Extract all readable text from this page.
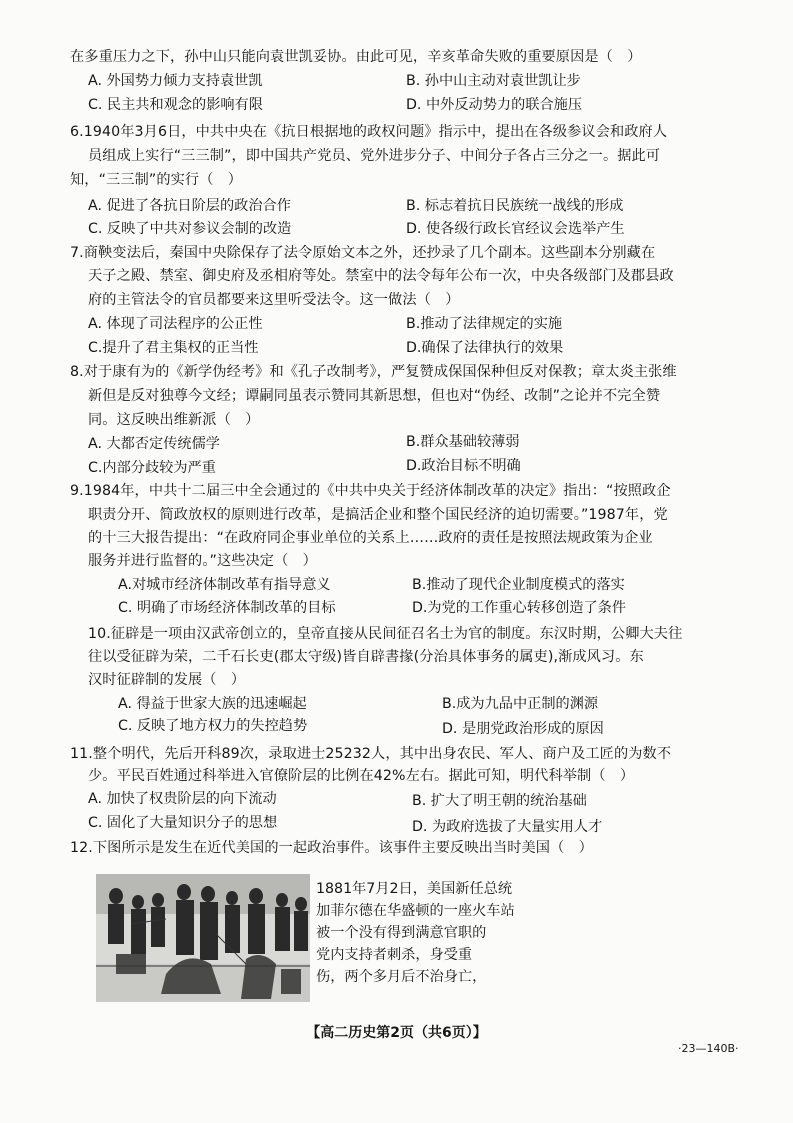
在多重压力之下，孙中山只能向袁世凯妥协。由此可见，辛亥革命失败的重要原因是（　）
A. 外国势力倾力支持袁世凯	B. 孙中山主动对袁世凯让步
C. 民主共和观念的影响有限	D. 中外反动势力的联合施压
6.1940年3月6日，中共中央在《抗日根据地的政权问题》指示中，提出在各级参议会和政府人
员组成上实行“三三制”，即中国共产党员、党外进步分子、中间分子各占三分之一。据此可
知，“三三制”的实行（　）
A. 促进了各抗日阶层的政治合作	B. 标志着抗日民族统一战线的形成
C. 反映了中共对参议会制的改造	D. 使各级行政长官经议会选举产生
7.商鞅变法后，秦国中央除保存了法令原始文本之外，还抄录了几个副本。这些副本分别藏在
天子之殿、禁室、御史府及丞相府等处。禁室中的法令每年公布一次，中央各级部门及郡县政
府的主管法令的官员都要来这里听受法令。这一做法（　）
A. 体现了司法程序的公正性	B.推动了法律规定的实施
C.提升了君主集权的正当性	D.确保了法律执行的效果
8.对于康有为的《新学伪经考》和《孔子改制考》，严复赞成保国保种但反对保教；章太炎主张维
新但是反对独尊今文经；谭嗣同虽表示赞同其新思想，但也对“伪经、改制”之论并不完全赞
同。这反映出维新派（　）
A. 大都否定传统儒学	B.群众基础较薄弱
C.内部分歧较为严重	D.政治目标不明确
9.1984年，中共十二届三中全会通过的《中共中央关于经济体制改革的决定》指出：“按照政企
职责分开、简政放权的原则进行改革，是搞活企业和整个国民经济的迫切需要。”1987年，党
的十三大报告提出：“在政府同企事业单位的关系上……政府的责任是按照法规政策为企业
服务并进行监督的。”这些决定（　）
A.对城市经济体制改革有指导意义	B.推动了现代企业制度模式的落实
C. 明确了市场经济体制改革的目标	D.为党的工作重心转移创造了条件
10.征辟是一项由汉武帝创立的，皇帝直接从民间征召名士为官的制度。东汉时期，公卿大夫往
往以受征辟为荣，二千石长吏(郡太守级)皆自辟書掾(分治具体事务的属吏),渐成风习。东
汉时征辟制的发展（　）
A. 得益于世家大族的迅速崛起	B.成为九品中正制的渊源
C. 反映了地方权力的失控趋势	D. 是朋党政治形成的原因
11.整个明代，先后开科89次，录取进士25232人，其中出身农民、军人、商户及工匠的为数不
少。平民百姓通过科举进入官僚阶层的比例在42%左右。据此可知，明代科举制（　）
A. 加快了权贵阶层的向下流动	B. 扩大了明王朝的统治基础
C. 固化了大量知识分子的思想	D. 为政府选拔了大量实用人才
12.下图所示是发生在近代美国的一起政治事件。该事件主要反映出当时美国（　）
1881年7月2日，美国新任总统
加菲尔德在华盛顿的一座火车站
被一个没有得到满意官职的
党内支持者刺杀，身受重
伤，两个多月后不治身亡，
【高二历史第2页（共6页）】
·23—140B·
